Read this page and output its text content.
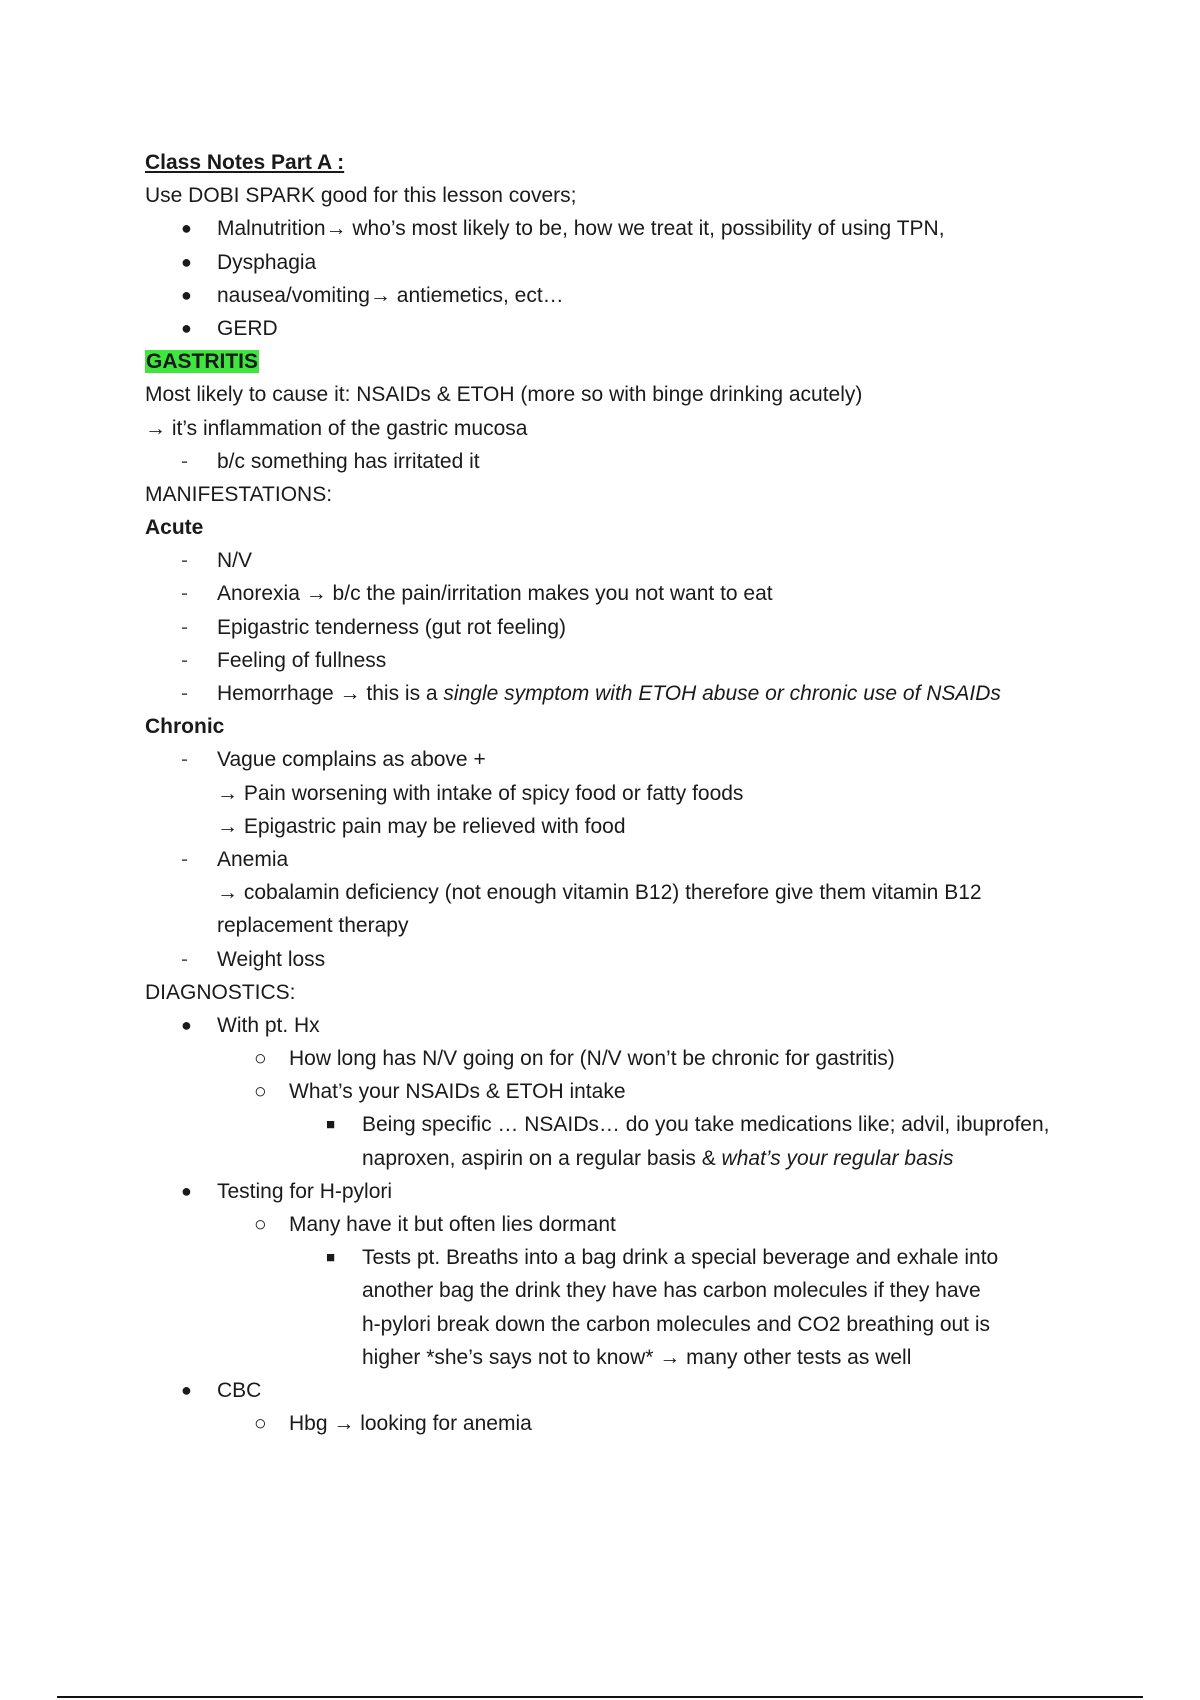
Class Notes Part A :
Use DOBI SPARK good for this lesson covers;
● Malnutrition→ who’s most likely to be, how we treat it, possibility of using TPN,
● Dysphagia
● nausea/vomiting→ antiemetics, ect…
● GERD
GASTRITIS
Most likely to cause it: NSAIDs & ETOH (more so with binge drinking acutely)
→ it’s inflammation of the gastric mucosa
- b/c something has irritated it
MANIFESTATIONS:
Acute
- N/V
- Anorexia → b/c the pain/irritation makes you not want to eat
- Epigastric tenderness (gut rot feeling)
- Feeling of fullness
- Hemorrhage → this is a single symptom with ETOH abuse or chronic use of NSAIDs
Chronic
- Vague complains as above +
→ Pain worsening with intake of spicy food or fatty foods
→ Epigastric pain may be relieved with food
- Anemia
→ cobalamin deficiency (not enough vitamin B12) therefore give them vitamin B12
replacement therapy
- Weight loss
DIAGNOSTICS:
● With pt. Hx
○ How long has N/V going on for (N/V won’t be chronic for gastritis)
○ What’s your NSAIDs & ETOH intake
■ Being specific … NSAIDs… do you take medications like; advil, ibuprofen,
naproxen, aspirin on a regular basis & what’s your regular basis
● Testing for H-pylori
○ Many have it but often lies dormant
■ Tests pt. Breaths into a bag drink a special beverage and exhale into
another bag the drink they have has carbon molecules if they have
h-pylori break down the carbon molecules and CO2 breathing out is
higher *she’s says not to know* → many other tests as well
● CBC
○ Hbg → looking for anemia
